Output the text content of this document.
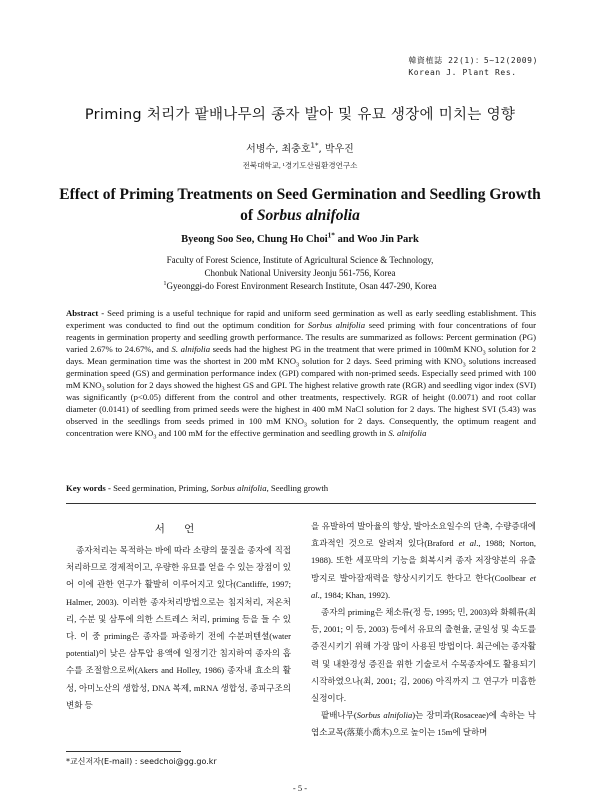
韓資植誌 22(1)：5~12(2009)
Korean J. Plant Res.
Priming 처리가 팥배나무의 종자 발아 및 유묘 생장에 미치는 영향
서병수, 최충호$^{1*}$, 박우진
전북대학교, ¹경기도산림환경연구소
Effect of Priming Treatments on Seed Germination and Seedling Growth
of Sorbus alnifolia
Byeong Soo Seo, Chung Ho Choi$^{1*}$ and Woo Jin Park
Faculty of Forest Science, Institute of Agricultural Science & Technology,
Chonbuk National University Jeonju 561-756, Korea
$^1$Gyeonggi-do Forest Environment Research Institute, Osan 447-290, Korea
Abstract - Seed priming is a useful technique for rapid and uniform seed germination as well as early seedling establishment. This experiment was conducted to find out the optimum condition for Sorbus alnifolia seed priming with four concentrations of four reagents in germination property and seedling growth performance. The results are summarized as follows: Percent germination (PG) varied 2.67% to 24.67%, and S. alnifolia seeds had the highest PG in the treatment that were primed in 100mM $KNO_3$ solution for 2 days. Mean germination time was the shortest in 200 mM $KNO_3$ solution for 2 days. Seed priming with $KNO_3$ solutions increased germination speed (GS) and germination performance index (GPI) compared with non-primed seeds. Especially seed primed with 100 mM $KNO_3$ solution for 2 days showed the highest GS and GPI. The highest relative growth rate (RGR) and seedling vigor index (SVI) was significantly (p<0.05) different from the control and other treatments, respectively. RGR of height (0.0071) and root collar diameter (0.0141) of seedling from primed seeds were the highest in 400 mM NaCl solution for 2 days. The highest SVI (5.43) was observed in the seedlings from seeds primed in 100 mM $KNO_3$ solution for 2 days. Consequently, the optimum reagent and concentration were $KNO_3$ and 100 mM for the effective germination and seedling growth in S. alnifolia
Key words - Seed germination, Priming, Sorbus alnifolia, Seedling growth
서 언

종자처리는 목적하는 바에 따라 소량의 물질을 종자에 직접 처리하므로 경제적이고, 우량한 유묘를 얻을 수 있는 장점이 있어 이에 관한 연구가 활발히 이루어지고 있다(Cantliffe, 1997; Halmer, 2003). 이러한 종자처리방법으로는 침지처리, 저온처리, 수분 및 삼투에 의한 스트레스 처리, priming 등을 들 수 있다. 이 중 priming은 종자를 파종하기 전에 수분퍼텐셜(water potential)이 낮은 삼투압 용액에 일정기간 침지하여 종자의 흡수를 조절함으로써(Akers and Holley, 1986) 종자내 효소의 활성, 아미노산의 생합성, DNA 복제, mRNA 생합성, 종피구조의 변화 등

을 유발하여 발아율의 향상, 발아소요일수의 단축, 수량증대에 효과적인 것으로 알려져 있다(Braford et al., 1988; Norton, 1988). 또한 세포막의 기능을 회복시켜 종자 저장양분의 유출방지로 발아잠재력을 향상시키기도 한다고 한다(Coolbear et al., 1984; Khan, 1992).

종자의 priming은 채소류(정 등, 1995; 민, 2003)와 화훼류(최 등, 2001; 이 등, 2003) 등에서 유묘의 출현율, 균일성 및 속도를 증진시키기 위해 가장 많이 사용된 방법이다. 최근에는 종자활력 및 내환경성 증진을 위한 기술로서 수목종자에도 활용되기 시작하였으나(최, 2001; 김, 2006) 아직까지 그 연구가 미흡한 실정이다.

팥배나무(Sorbus alnifolia)는 장미과(Rosaceae)에 속하는 낙엽소교목(落葉小喬木)으로 높이는 15m에 달하며

*교신저자(E-mail) : seedchoi@gg.go.kr
- 5 -
